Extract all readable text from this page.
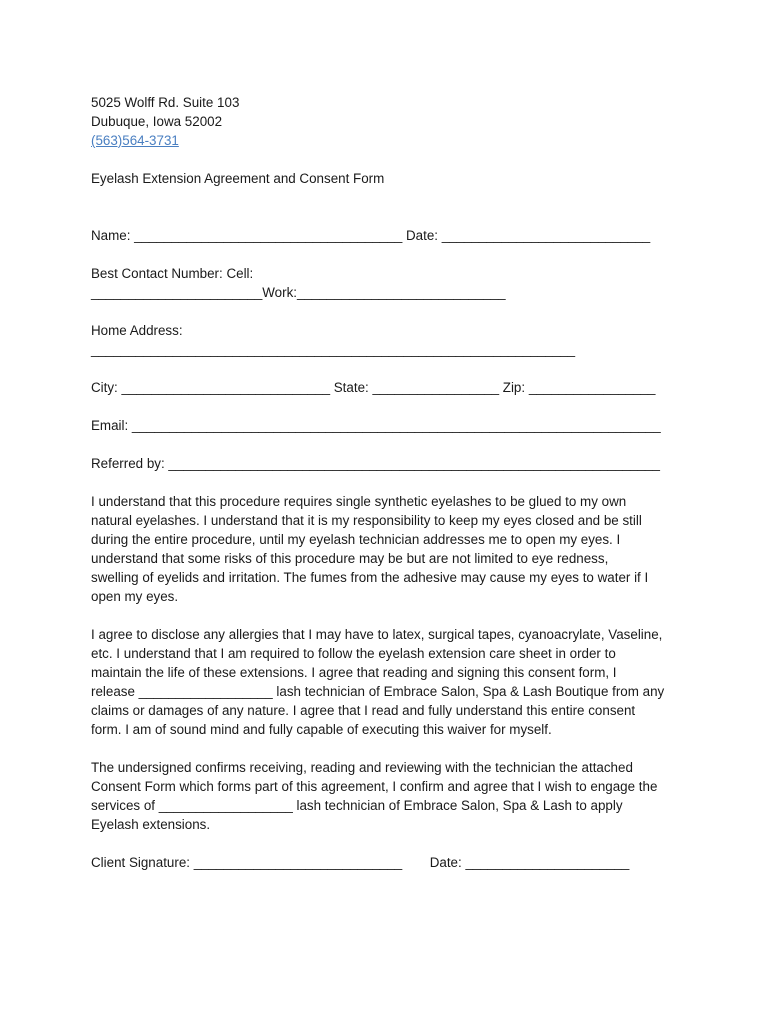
5025 Wolff Rd. Suite 103
Dubuque, Iowa 52002
(563)564-3731
Eyelash Extension Agreement and Consent Form
Name: ____________________________________ Date: ____________________________
Best Contact Number: Cell:
_______________________Work:____________________________
Home Address:
_________________________________________________________________
City: ____________________________ State: _________________ Zip: _________________
Email: _______________________________________________________________________
Referred by: __________________________________________________________________
I understand that this procedure requires single synthetic eyelashes to be glued to my own
natural eyelashes. I understand that it is my responsibility to keep my eyes closed and be still
during the entire procedure, until my eyelash technician addresses me to open my eyes. I
understand that some risks of this procedure may be but are not limited to eye redness,
swelling of eyelids and irritation. The fumes from the adhesive may cause my eyes to water if I
open my eyes.
I agree to disclose any allergies that I may have to latex, surgical tapes, cyanoacrylate, Vaseline,
etc. I understand that I am required to follow the eyelash extension care sheet in order to
maintain the life of these extensions. I agree that reading and signing this consent form, I
release __________________ lash technician of Embrace Salon, Spa & Lash Boutique from any
claims or damages of any nature. I agree that I read and fully understand this entire consent
form. I am of sound mind and fully capable of executing this waiver for myself.
The undersigned confirms receiving, reading and reviewing with the technician the attached
Consent Form which forms part of this agreement, I confirm and agree that I wish to engage the
services of __________________ lash technician of Embrace Salon, Spa & Lash to apply
Eyelash extensions.
Client Signature: ____________________________ Date: ______________________
